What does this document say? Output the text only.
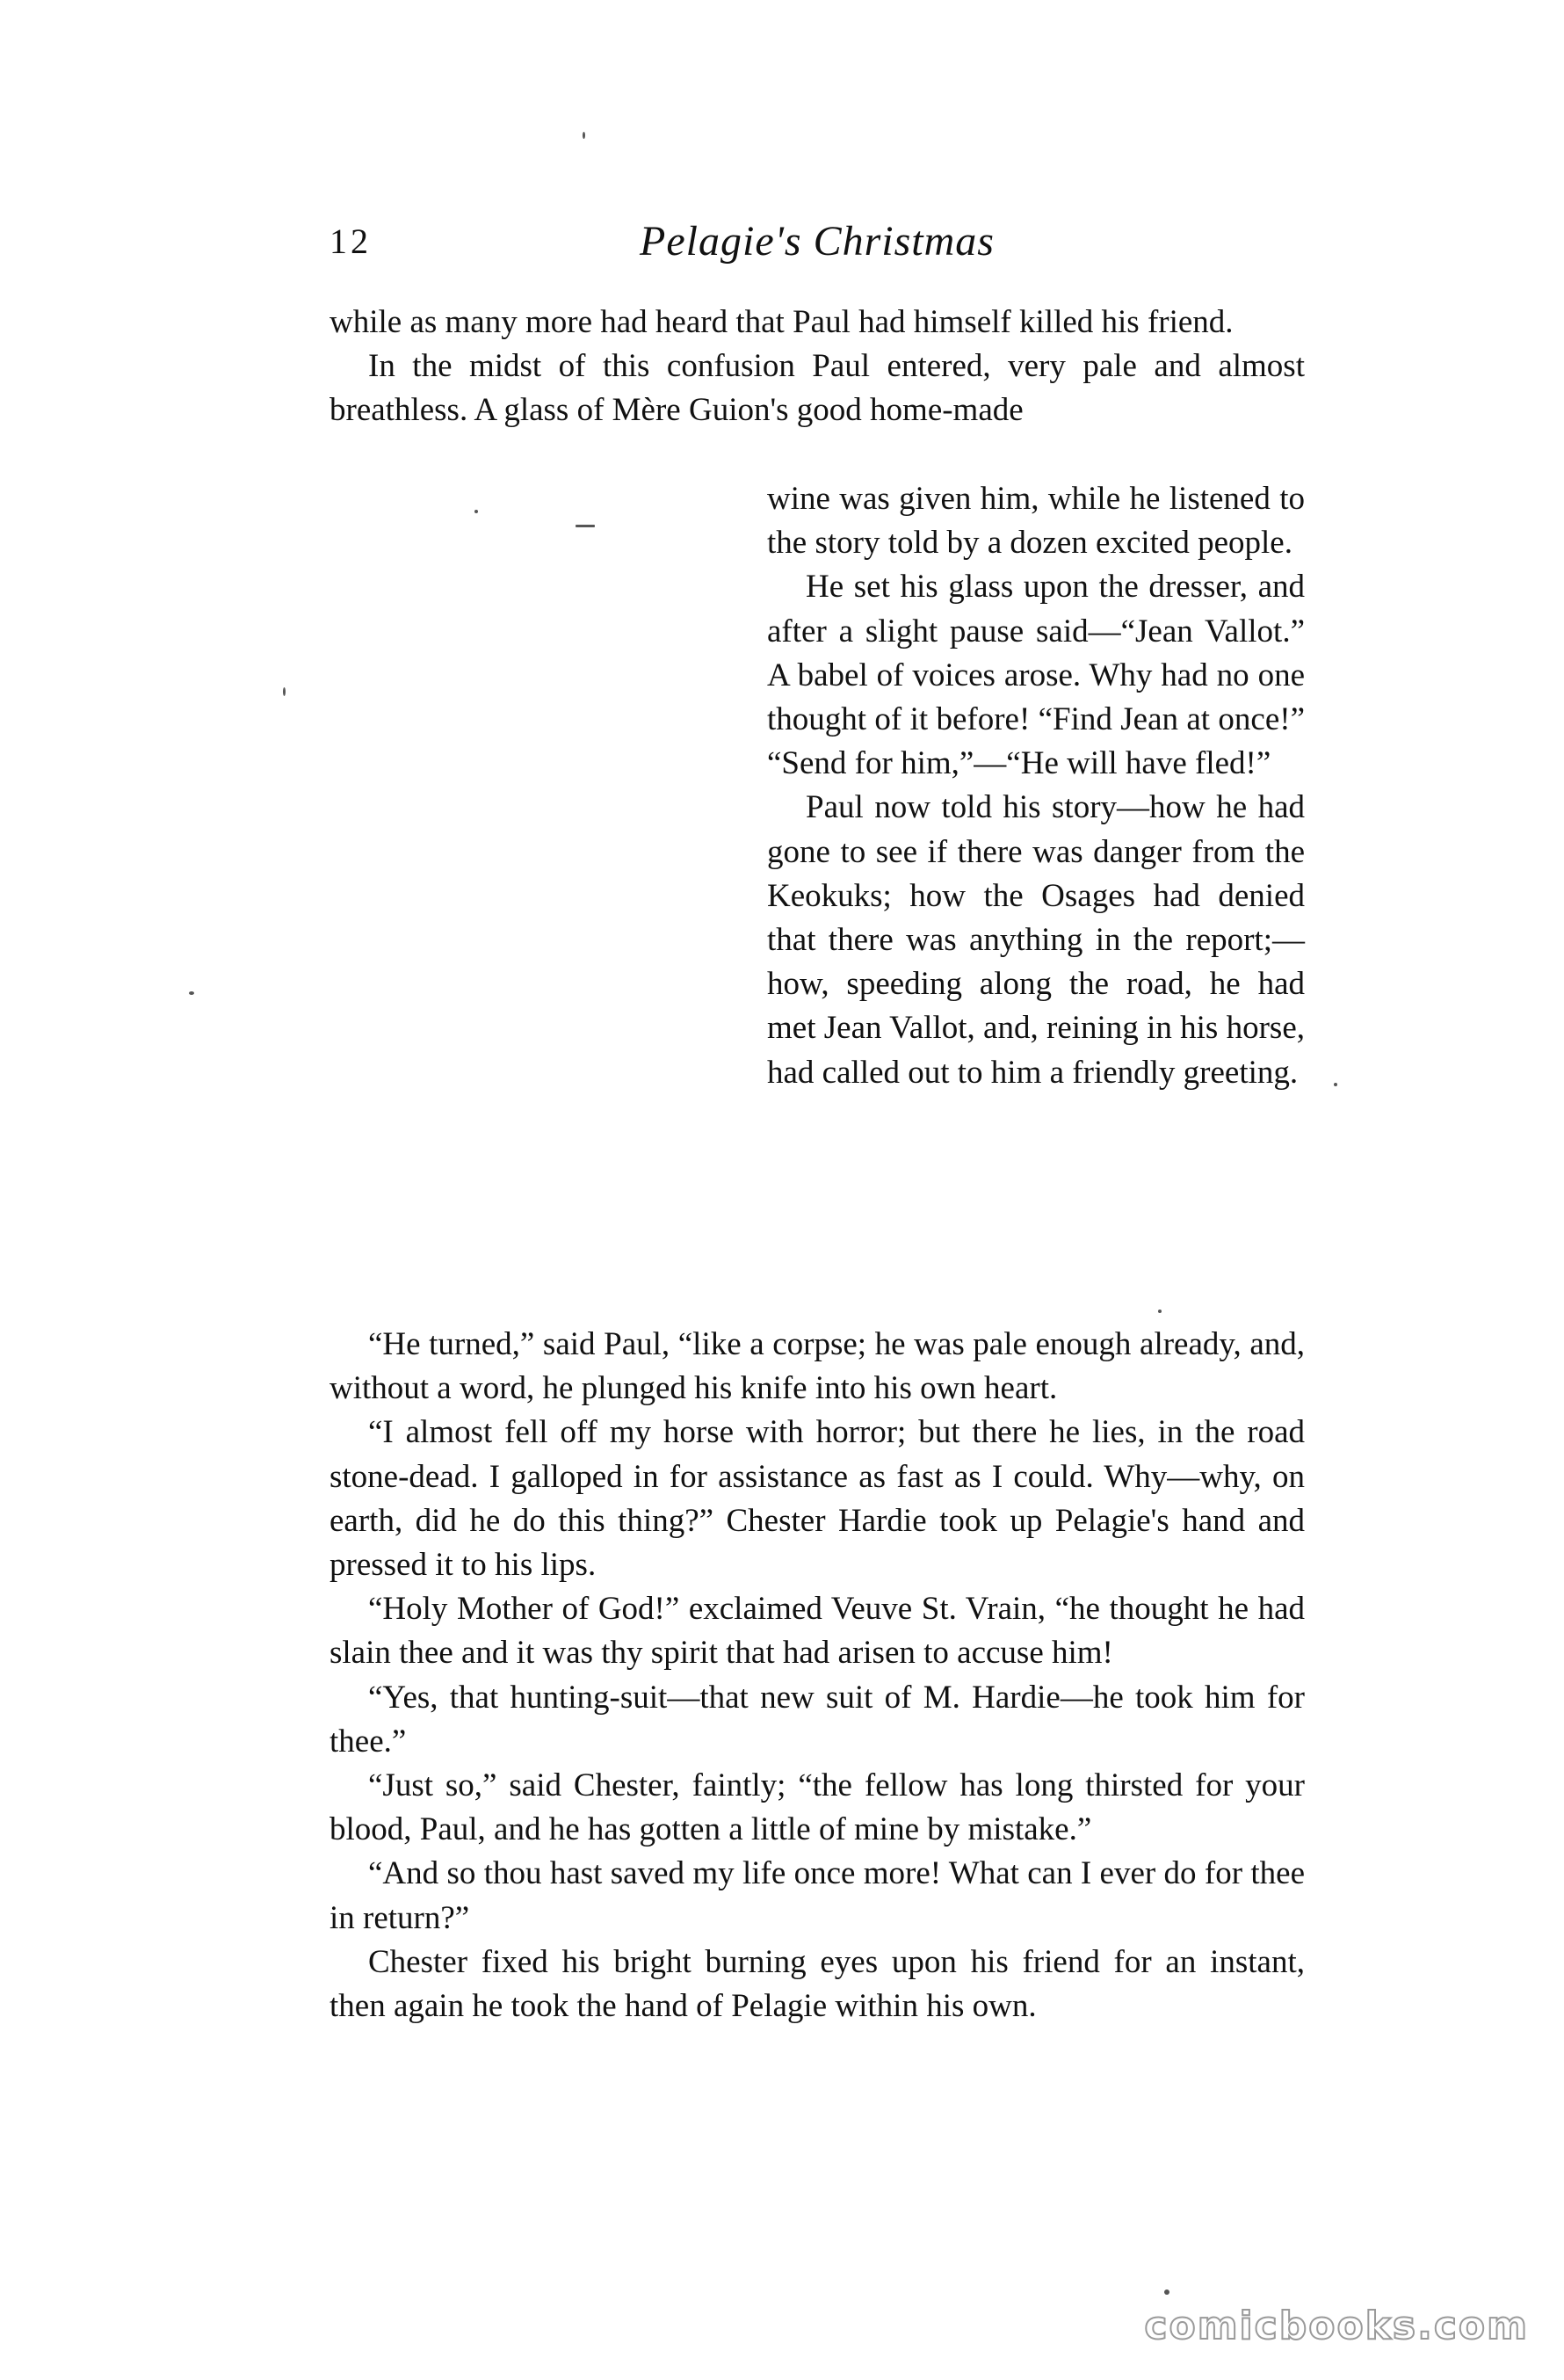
12	Pelagie's Christmas

while as many more had heard that Paul had himself killed his friend.

In the midst of this confusion Paul entered, very pale and almost breathless. A glass of Mère Guion's good home-made

wine was given him, while he listened to the story told by a dozen excited people.

He set his glass upon the dresser, and after a slight pause said—“Jean Vallot.” A babel of voices arose. Why had no one thought of it before! “Find Jean at once!” “Send for him,”—“He will have fled!”

Paul now told his story—how he had gone to see if there was danger from the Keokuks; how the Osages had denied that there was anything in the report;—how, speeding along the road, he had met Jean Vallot, and, reining in his horse, had called out to him a friendly greeting.

“He turned,” said Paul, “like a corpse; he was pale enough already, and, without a word, he plunged his knife into his own heart.

“I almost fell off my horse with horror; but there he lies, in the road stone-dead. I galloped in for assistance as fast as I could. Why—why, on earth, did he do this thing?” Chester Hardie took up Pelagie's hand and pressed it to his lips.

“Holy Mother of God!” exclaimed Veuve St. Vrain, “he thought he had slain thee and it was thy spirit that had arisen to accuse him!

“Yes, that hunting-suit—that new suit of M. Hardie—he took him for thee.”

“Just so,” said Chester, faintly; “the fellow has long thirsted for your blood, Paul, and he has gotten a little of mine by mistake.”

“And so thou hast saved my life once more! What can I ever do for thee in return?”

Chester fixed his bright burning eyes upon his friend for an instant, then again he took the hand of Pelagie within his own.

comicbooks.com
